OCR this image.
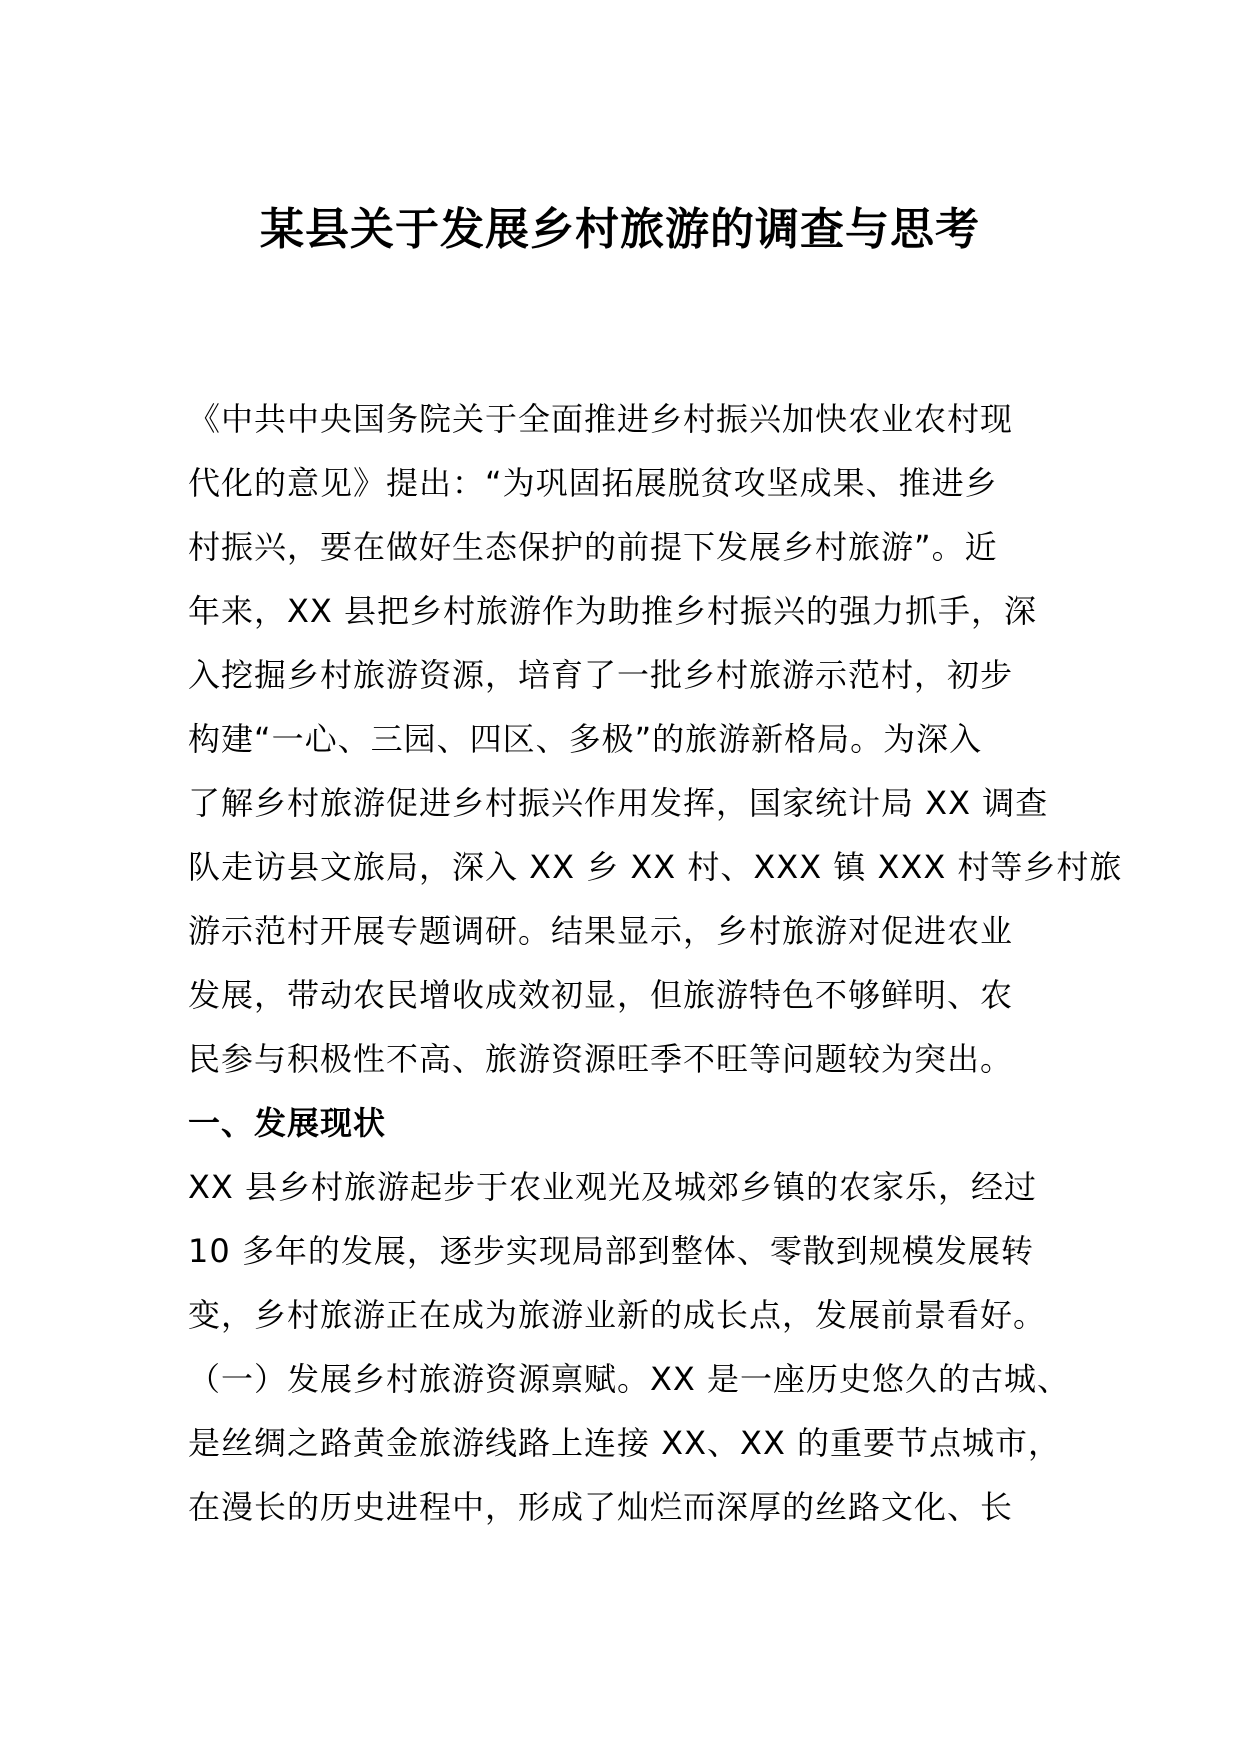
某县关于发展乡村旅游的调查与思考

《中共中央国务院关于全面推进乡村振兴加快农业农村现
代化的意见》提出：“为巩固拓展脱贫攻坚成果、推进乡
村振兴，要在做好生态保护的前提下发展乡村旅游”。近
年来，XX 县把乡村旅游作为助推乡村振兴的强力抓手，深
入挖掘乡村旅游资源，培育了一批乡村旅游示范村，初步
构建“一心、三园、四区、多极”的旅游新格局。为深入
了解乡村旅游促进乡村振兴作用发挥，国家统计局 XX 调查
队走访县文旅局，深入 XX 乡 XX 村、XXX 镇 XXX 村等乡村旅
游示范村开展专题调研。结果显示，乡村旅游对促进农业
发展，带动农民增收成效初显，但旅游特色不够鲜明、农
民参与积极性不高、旅游资源旺季不旺等问题较为突出。

一、发展现状

XX 县乡村旅游起步于农业观光及城郊乡镇的农家乐，经过
10 多年的发展，逐步实现局部到整体、零散到规模发展转
变，乡村旅游正在成为旅游业新的成长点，发展前景看好。

（一）发展乡村旅游资源禀赋。XX 是一座历史悠久的古城、
是丝绸之路黄金旅游线路上连接 XX、XX 的重要节点城市，
在漫长的历史进程中，形成了灿烂而深厚的丝路文化、长
